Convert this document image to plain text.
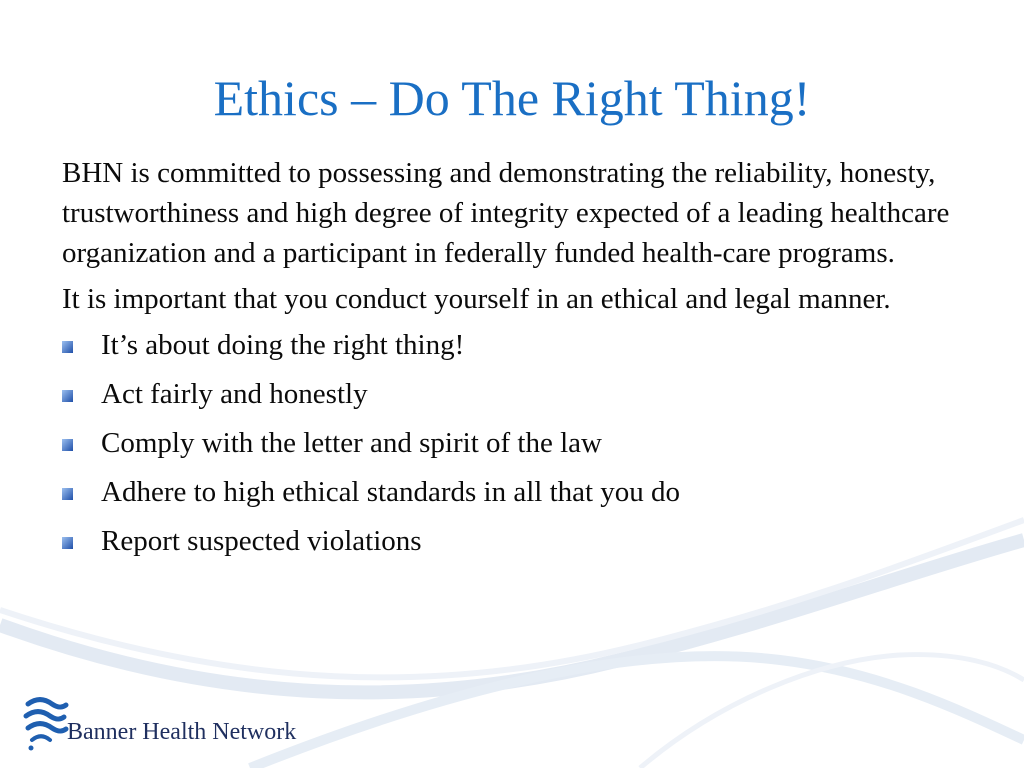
Ethics – Do The Right Thing!

BHN is committed to possessing and demonstrating the reliability, honesty, trustworthiness and high degree of integrity expected of a leading healthcare organization and a participant in federally funded health-care programs.

It is important that you conduct yourself in an ethical and legal manner.

It’s about doing the right thing!
Act fairly and honestly
Comply with the letter and spirit of the law
Adhere to high ethical standards in all that you do
Report suspected violations
Banner Health Network
